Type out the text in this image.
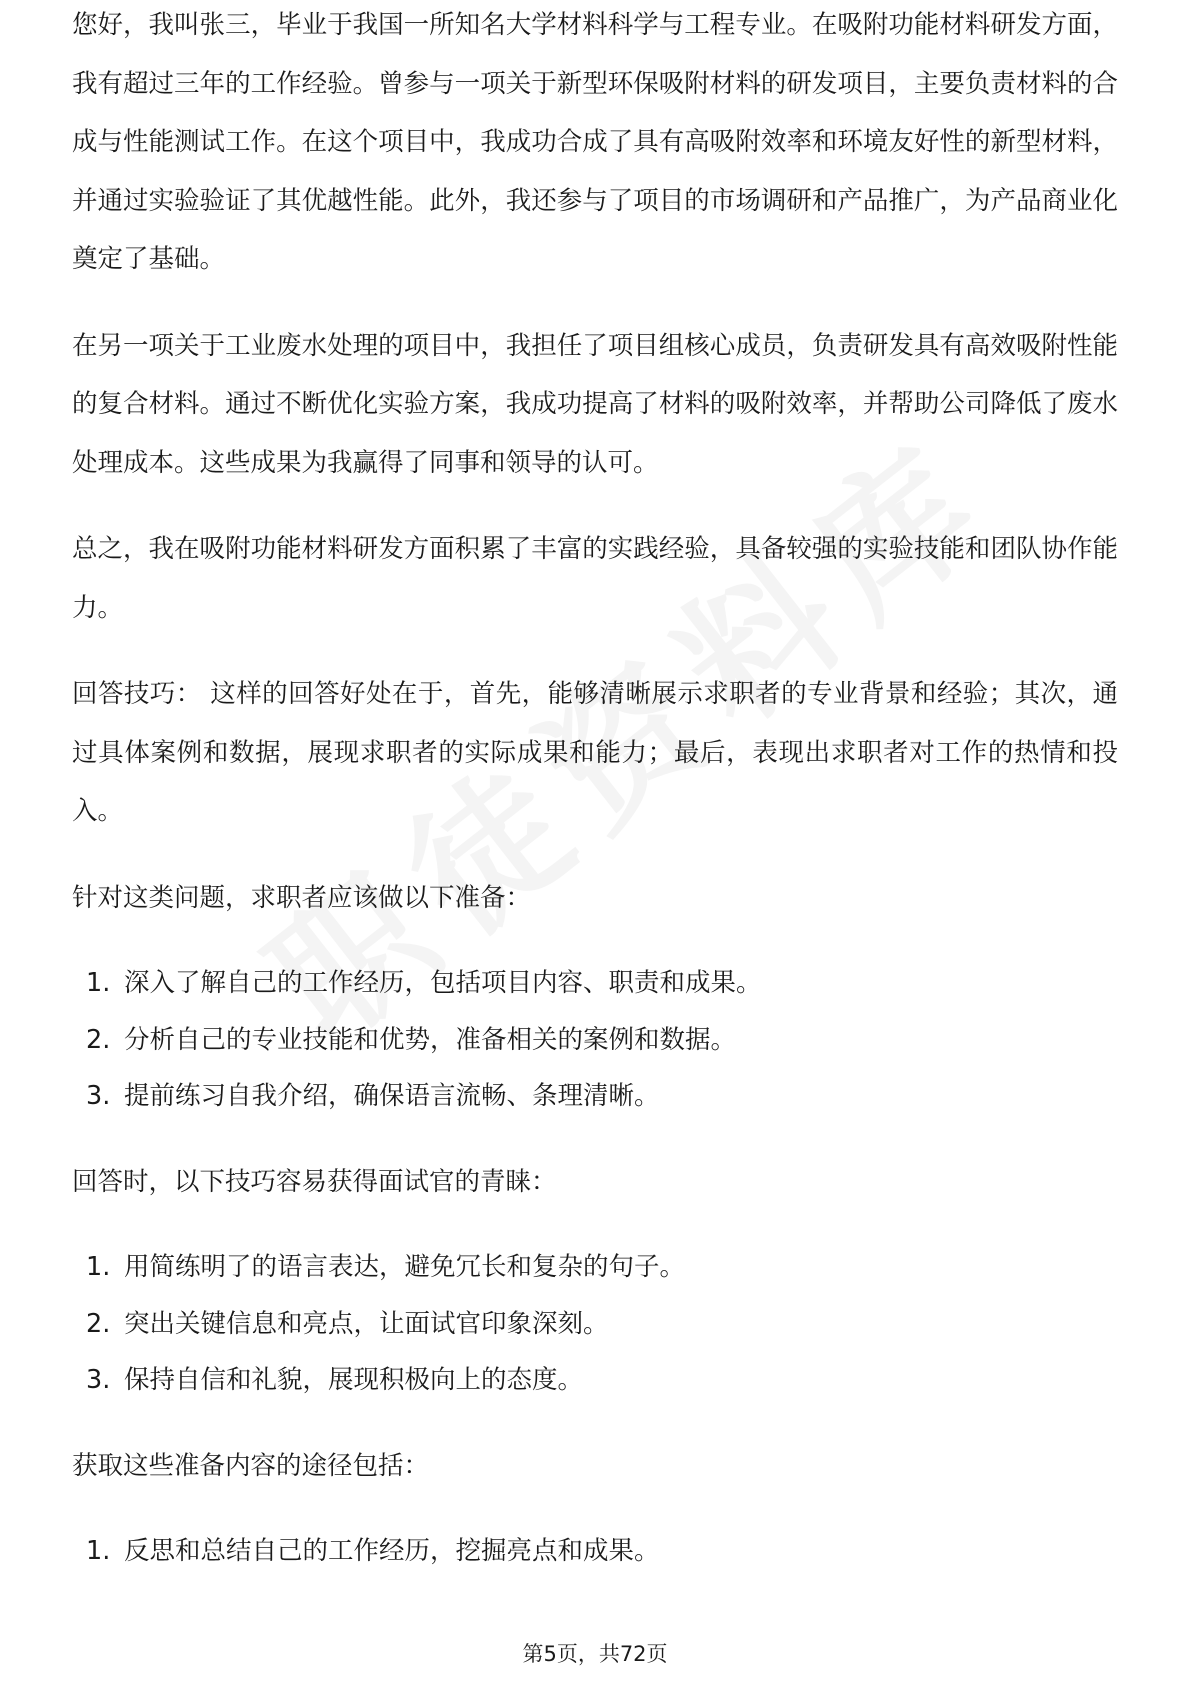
您好，我叫张三，毕业于我国一所知名大学材料科学与工程专业。在吸附功能材料研发方面，我有超过三年的工作经验。曾参与一项关于新型环保吸附材料的研发项目，主要负责材料的合成与性能测试工作。在这个项目中，我成功合成了具有高吸附效率和环境友好性的新型材料，并通过实验验证了其优越性能。此外，我还参与了项目的市场调研和产品推广，为产品商业化奠定了基础。

在另一项关于工业废水处理的项目中，我担任了项目组核心成员，负责研发具有高效吸附性能的复合材料。通过不断优化实验方案，我成功提高了材料的吸附效率，并帮助公司降低了废水处理成本。这些成果为我赢得了同事和领导的认可。

总之，我在吸附功能材料研发方面积累了丰富的实践经验，具备较强的实验技能和团队协作能力。

回答技巧： 这样的回答好处在于，首先，能够清晰展示求职者的专业背景和经验；其次，通过具体案例和数据，展现求职者的实际成果和能力；最后，表现出求职者对工作的热情和投入。

针对这类问题，求职者应该做以下准备：

1. 深入了解自己的工作经历，包括项目内容、职责和成果。
2. 分析自己的专业技能和优势，准备相关的案例和数据。
3. 提前练习自我介绍，确保语言流畅、条理清晰。

回答时，以下技巧容易获得面试官的青睐：

1. 用简练明了的语言表达，避免冗长和复杂的句子。
2. 突出关键信息和亮点，让面试官印象深刻。
3. 保持自信和礼貌，展现积极向上的态度。

获取这些准备内容的途径包括：

1. 反思和总结自己的工作经历，挖掘亮点和成果。
第5页，共72页
